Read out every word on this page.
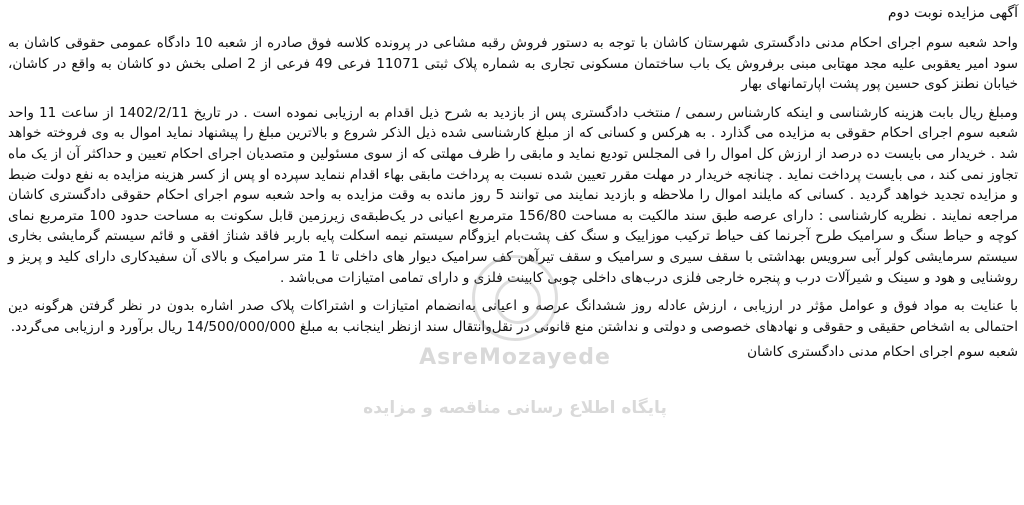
آگهی مزایده نوبت دوم

واحد شعبه سوم اجرای احکام مدنی دادگستری شهرستان کاشان با توجه به دستور فروش رقبه مشاعی در پرونده کلاسه فوق صادره از شعبه 10 دادگاه عمومی حقوقی کاشان به سود امیر یعقوبی علیه مجد مهتابی مبنی برفروش یک باب ساختمان مسکونی تجاری به شماره پلاک ثبتی 11071 فرعی 49 فرعی از 2 اصلی بخش دو کاشان به واقع در کاشان، خیابان نطنز کوی حسین پور پشت اپارتمانهای بهار

ومبلغ ریال بابت هزینه کارشناسی و اینکه کارشناس رسمی / منتخب دادگستری پس از بازدید به شرح ذیل اقدام به ارزیابی نموده است . در تاریخ 1402/2/11 از ساعت 11 واحد شعبه سوم اجرای احکام حقوقی به مزایده می گذارد . به هرکس و کسانی که از مبلغ کارشناسی شده ذیل الذکر شروع و بالاترین مبلغ را پیشنهاد نماید اموال به وی فروخته خواهد شد . خریدار می بایست ده درصد از ارزش کل اموال را فی المجلس تودیع نماید و مابقی را ظرف مهلتی که از سوی مسئولین و متصدیان اجرای احکام تعیین و حداکثر آن از یک ماه تجاوز نمی کند ، می بایست پرداخت نماید . چنانچه خریدار در مهلت مقرر تعیین شده نسبت به پرداخت مابقی بهاء اقدام ننماید سپرده او پس از کسر هزینه مزایده به نفع دولت ضبط و مزایده تجدید خواهد گردید . کسانی که مایلند اموال را ملاحظه و بازدید نمایند می توانند 5 روز مانده به وقت مزایده به واحد شعبه سوم اجرای احکام حقوقی دادگستری کاشان مراجعه نمایند . نظریه کارشناسی : دارای عرصه طبق سند مالکیت به مساحت 156/80 مترمربع اعیانی در یک‌طبقه‌ی زیرزمین قابل سکونت به مساحت حدود 100 مترمربع نمای کوچه و حیاط سنگ و سرامیک طرح آجرنما کف حیاط ترکیب موزاییک و سنگ کف پشت‌بام ایزوگام سیستم نیمه اسکلت پایه باربر فاقد شناژ افقی و قائم سیستم گرمایشی بخاری سیستم سرمایشی کولر آبی سرویس بهداشتی با سقف سیری و سرامیک و سقف تیرآهن کف سرامیک دیوار های داخلی تا 1 متر سرامیک و بالای آن سفیدکاری دارای کلید و پریز و روشنایی و هود و سینک و شیرآلات درب و پنجره خارجی فلزی درب‌های داخلی چوبی کابینت فلزی و دارای تمامی امتیازات می‌باشد .

با عنایت به مواد فوق و عوامل مؤثر در ارزیابی ، ارزش عادله روز ششدانگ عرصه و اعیانی به‌انضمام امتیازات و اشتراکات پلاک صدر اشاره بدون در نظر گرفتن هرگونه دین احتمالی به اشخاص حقیقی و حقوقی و نهادهای خصوصی و دولتی و نداشتن منع قانونی در نقل‌وانتقال سند ازنظر اینجانب به مبلغ 14/500/000/000 ریال برآورد و ارزیابی می‌گردد.

شعبه سوم اجرای احکام مدنی دادگستری کاشان

AsreMozayede
پایگاه اطلاع رسانی مناقصه و مزایده
